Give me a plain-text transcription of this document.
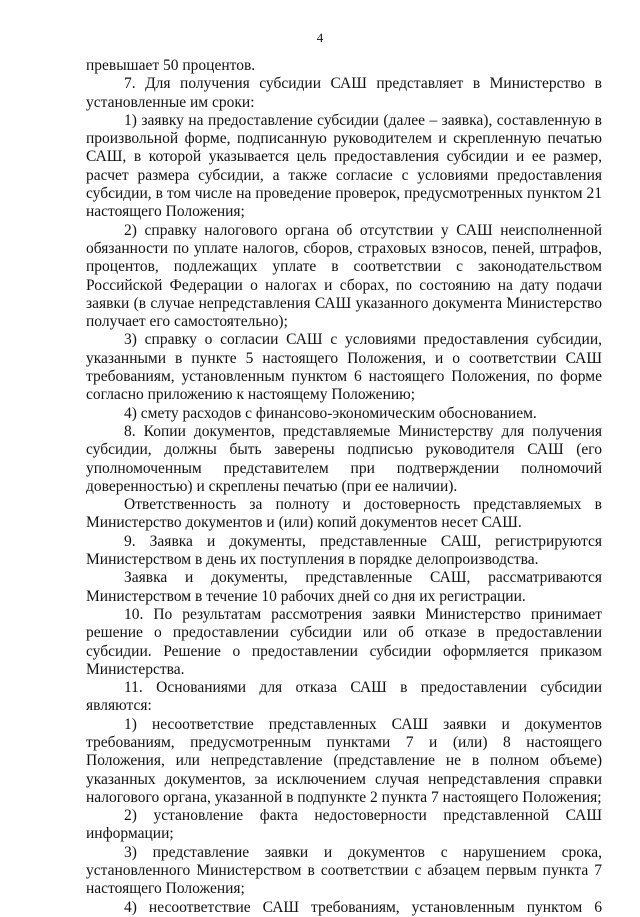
4

превышает 50 процентов.

7. Для получения субсидии САШ представляет в Министерство в установленные им сроки:

1) заявку на предоставление субсидии (далее – заявка), составленную в произвольной форме, подписанную руководителем и скрепленную печатью САШ, в которой указывается цель предоставления субсидии и ее размер, расчет размера субсидии, а также согласие с условиями предоставления субсидии, в том числе на проведение проверок, предусмотренных пунктом 21 настоящего Положения;

2) справку налогового органа об отсутствии у САШ неисполненной обязанности по уплате налогов, сборов, страховых взносов, пеней, штрафов, процентов, подлежащих уплате в соответствии с законодательством Российской Федерации о налогах и сборах, по состоянию на дату подачи заявки (в случае непредставления САШ указанного документа Министерство получает его самостоятельно);

3) справку о согласии САШ с условиями предоставления субсидии, указанными в пункте 5 настоящего Положения, и о соответствии САШ требованиям, установленным пунктом 6 настоящего Положения, по форме согласно приложению к настоящему Положению;

4) смету расходов с финансово-экономическим обоснованием.

8. Копии документов, представляемые Министерству для получения субсидии, должны быть заверены подписью руководителя САШ (его уполномоченным представителем при подтверждении полномочий доверенностью) и скреплены печатью (при ее наличии).

Ответственность за полноту и достоверность представляемых в Министерство документов и (или) копий документов несет САШ.

9. Заявка и документы, представленные САШ, регистрируются Министерством в день их поступления в порядке делопроизводства.

Заявка и документы, представленные САШ, рассматриваются Министерством в течение 10 рабочих дней со дня их регистрации.

10. По результатам рассмотрения заявки Министерство принимает решение о предоставлении субсидии или об отказе в предоставлении субсидии. Решение о предоставлении субсидии оформляется приказом Министерства.

11. Основаниями для отказа САШ в предоставлении субсидии являются:

1) несоответствие представленных САШ заявки и документов требованиям, предусмотренным пунктами 7 и (или) 8 настоящего Положения, или непредставление (представление не в полном объеме) указанных документов, за исключением случая непредставления справки налогового органа, указанной в подпункте 2 пункта 7 настоящего Положения;

2) установление факта недостоверности представленной САШ информации;

3) представление заявки и документов с нарушением срока, установленного Министерством в соответствии с абзацем первым пункта 7 настоящего Положения;

4) несоответствие САШ требованиям, установленным пунктом 6
